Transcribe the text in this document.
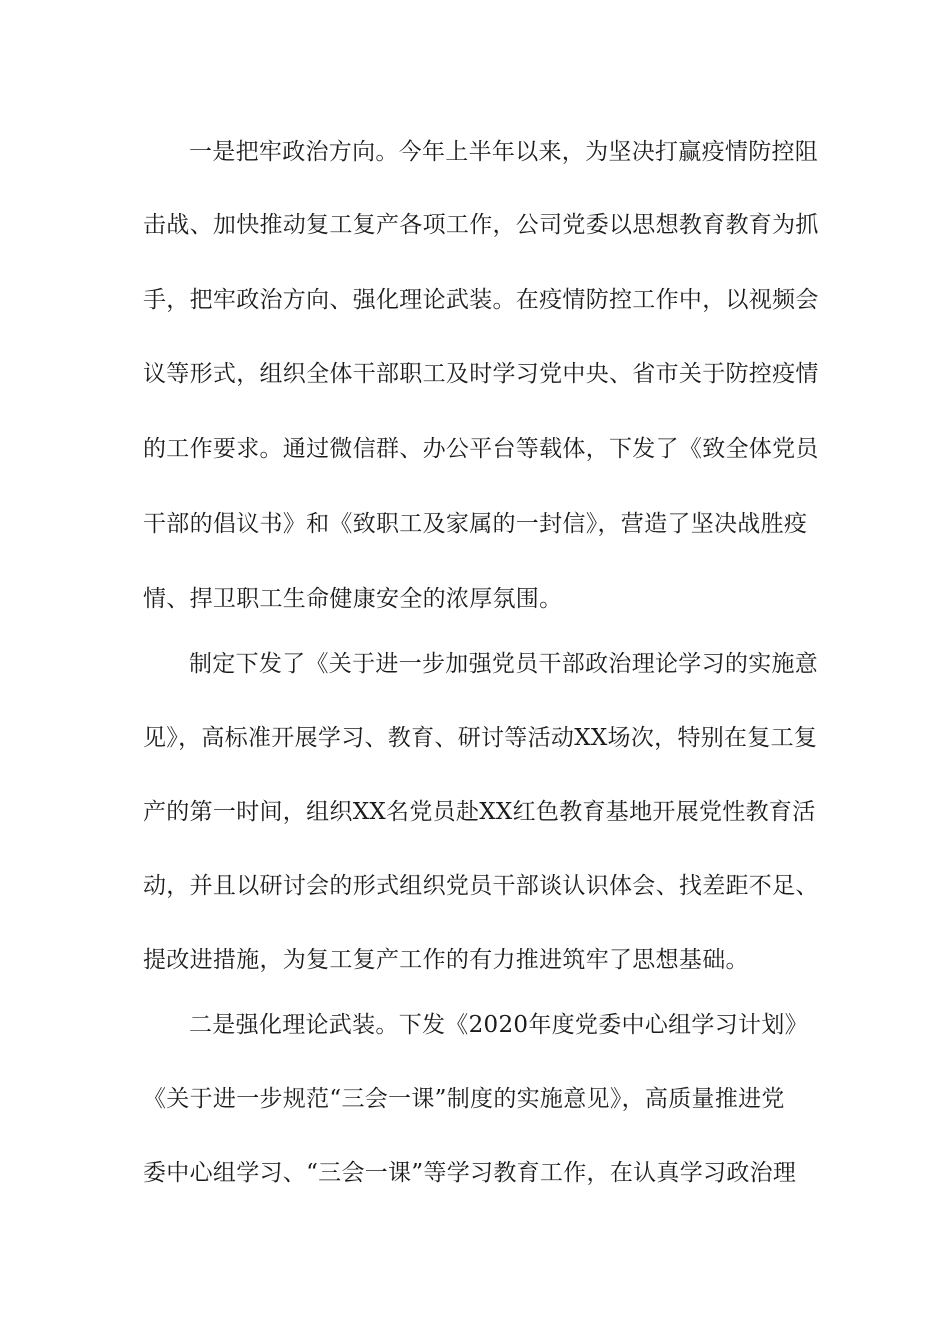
一是把牢政治方向。今年上半年以来，为坚决打赢疫情防控阻
击战、加快推动复工复产各项工作，公司党委以思想教育教育为抓
手，把牢政治方向、强化理论武装。在疫情防控工作中，以视频会
议等形式，组织全体干部职工及时学习党中央、省市关于防控疫情
的工作要求。通过微信群、办公平台等载体，下发了《致全体党员
干部的倡议书》和《致职工及家属的一封信》，营造了坚决战胜疫
情、捍卫职工生命健康安全的浓厚氛围。
制定下发了《关于进一步加强党员干部政治理论学习的实施意
见》，高标准开展学习、教育、研讨等活动XX场次，特别在复工复
产的第一时间，组织XX名党员赴XX红色教育基地开展党性教育活
动，并且以研讨会的形式组织党员干部谈认识体会、找差距不足、
提改进措施，为复工复产工作的有力推进筑牢了思想基础。
二是强化理论武装。下发《2020年度党委中心组学习计划》
《关于进一步规范“三会一课”制度的实施意见》，高质量推进党
委中心组学习、“三会一课”等学习教育工作，在认真学习政治理
